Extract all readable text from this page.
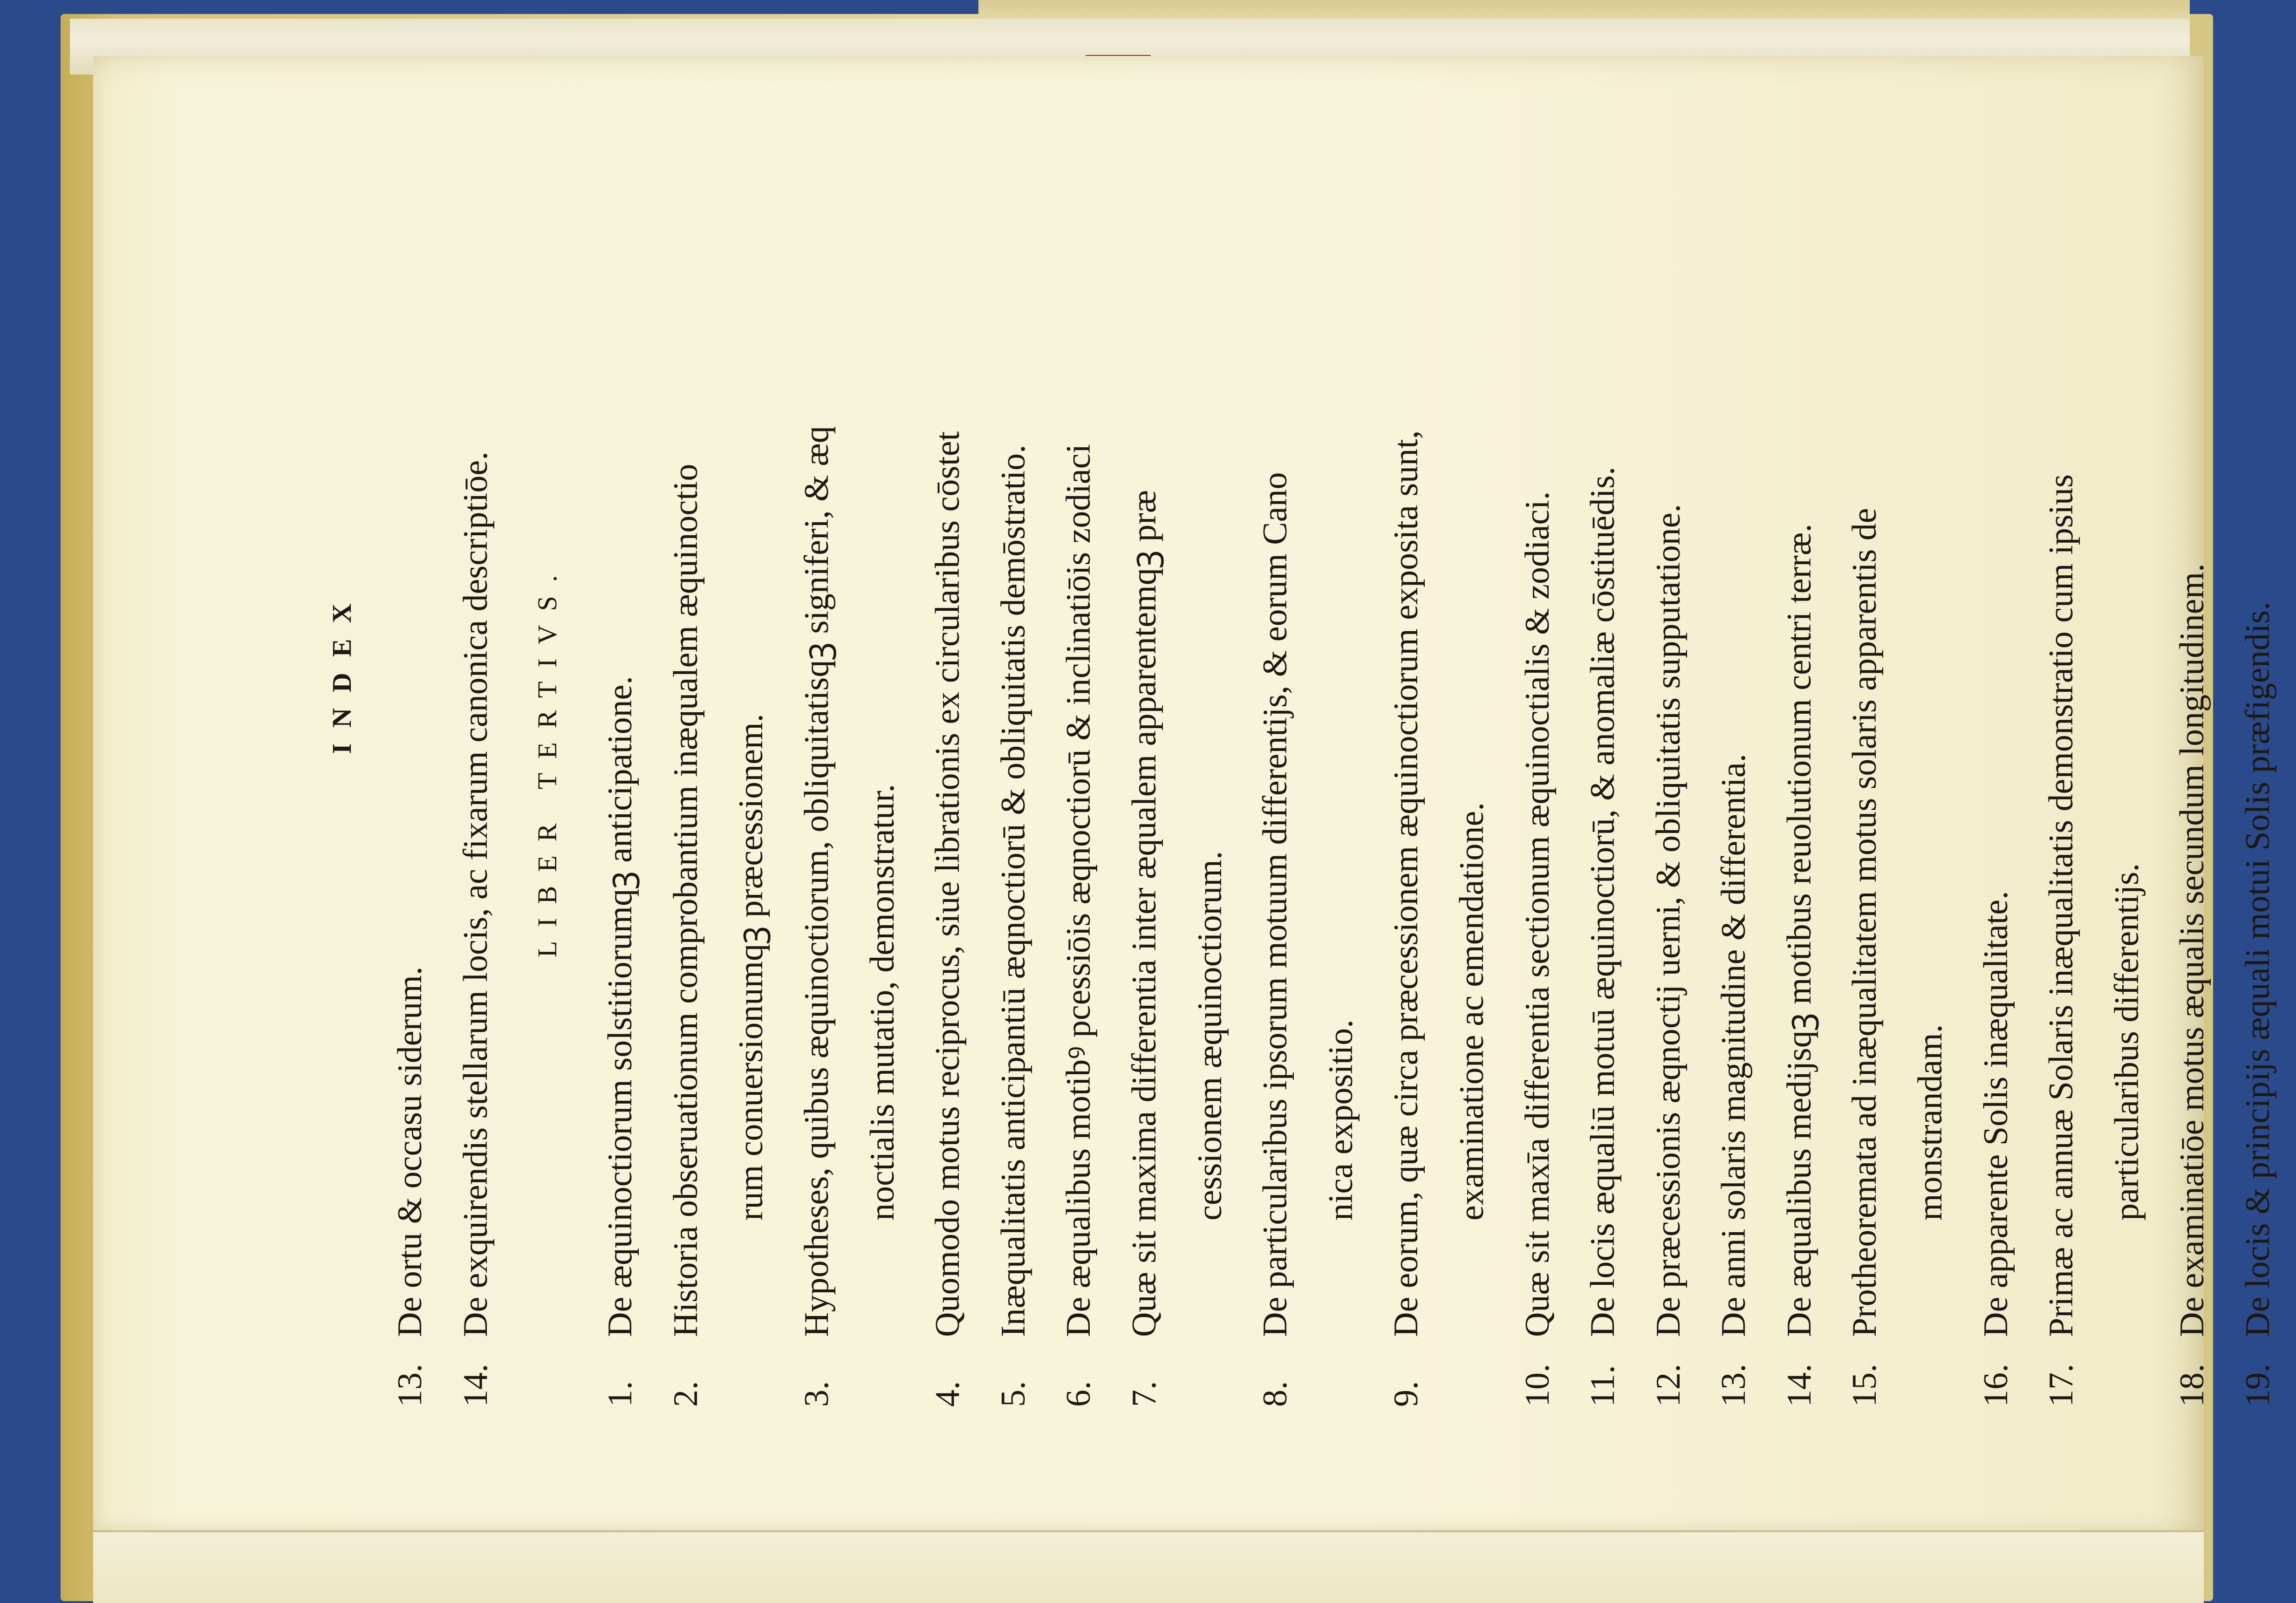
INDEX
13.
De ortu & occasu siderum.
14.
De exquirendis stellarum locis, ac fixarum canonica descriptiōe.	LIBER TERTIVS.
1.
De æquinoctiorum solstitiorumqꝫ anticipatione.
2.
Historia obseruationum comprobantium inæqualem æquinoctio rum conuersionumqꝫ præcessionem.
3.
Hypotheses, quibus æquinoctiorum, obliquitatisqꝫ signiferi, & æq noctialis mutatio, demonstratur.
4.
Quomodo motus reciprocus, siue librationis ex circularibus cōstet
5.
Inæqualitatis anticipantiū æqnoctiorū & obliquitatis demōstratio.
6.
De æqualibus motibꝰ pcessiōis æqnoctiorū & inclinatiōis zodiaci
7.
Quæ sit maxima differentia inter æqualem apparentemqꝫ præ cessionem æquinoctiorum.
8.
De particularibus ipsorum motuum differentijs, & eorum Cano nica expositio.
9.
De eorum, quæ circa præcessionem æquinoctiorum exposita sunt, examinatione ac emendatione.
10.
Quæ sit maxīa differentia sectionum æquinoctialis & zodiaci.
11.
De locis æqualiū motuū æquinoctiorū, & anomaliæ cōstituēdis.
12.
De præcessionis æqnoctij uerni, & obliquitatis supputatione.
13.
De anni solaris magnitudine & differentia.
14.
De æqualibus medijsqꝫ motibus reuolutionum centri terræ.
15.
Protheoremata ad inæqualitatem motus solaris apparentis de monstrandam.
16.
De apparente Solis inæqualitate.
17.
Primæ ac annuæ Solaris inæqualitatis demonstratio cum ipsius particularibus differentijs.
18.
De examinatiōe motus æqualis secundum longitudinem.
19.
De locis & principijs æquali motui Solis præfigendis.
